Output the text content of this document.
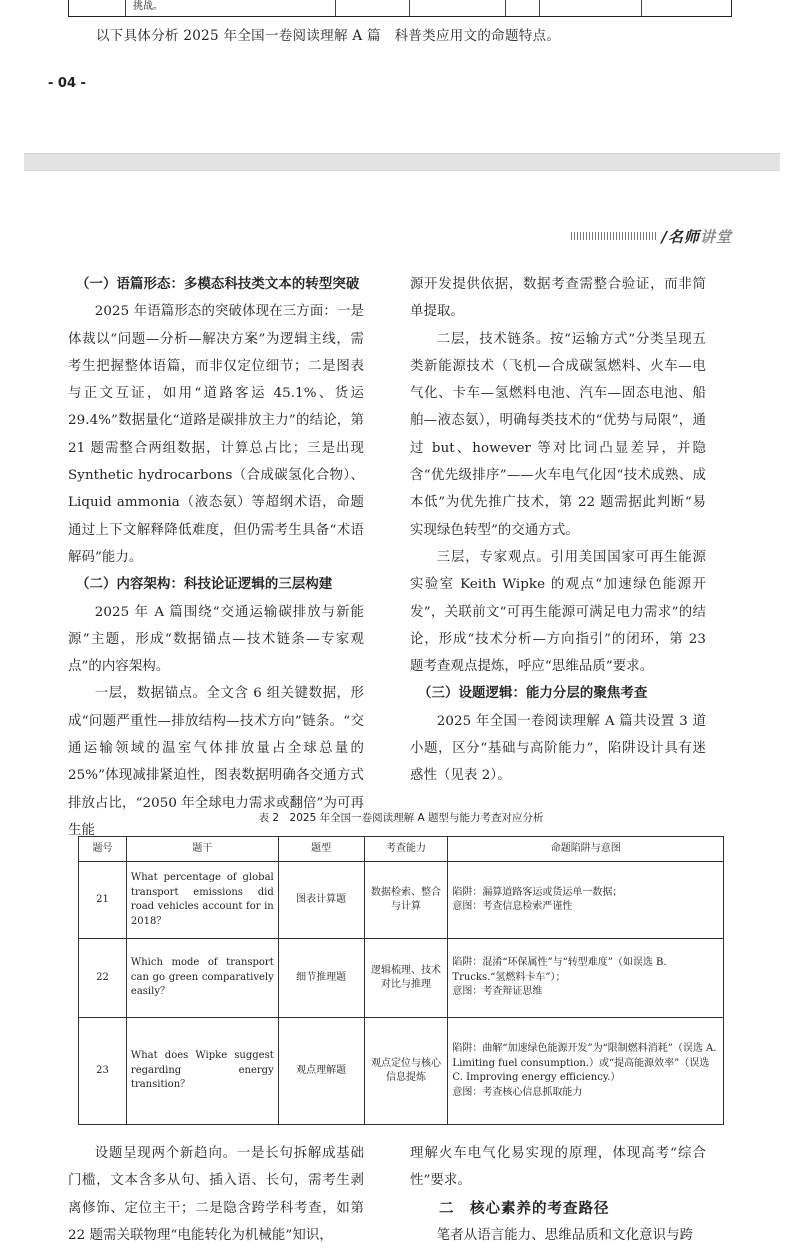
挑战。
以下具体分析 2025 年全国一卷阅读理解 A 篇　科普类应用文的命题特点。
- 04 -
/名师讲堂

（一）语篇形态：多模态科技类文本的转型突破

2025 年语篇形态的突破体现在三方面：一是体裁以“问题—分析—解决方案”为逻辑主线，需考生把握整体语篇，而非仅定位细节；二是图表与正文互证，如用“道路客运 45.1%、货运 29.4%”数据量化“道路是碳排放主力”的结论，第 21 题需整合两组数据，计算总占比；三是出现 Synthetic hydrocarbons（合成碳氢化合物）、Liquid ammonia（液态氨）等超纲术语，命题通过上下文解释降低难度，但仍需考生具备“术语解码”能力。

（二）内容架构：科技论证逻辑的三层构建

2025 年 A 篇围绕“交通运输碳排放与新能源”主题，形成“数据锚点—技术链条—专家观点”的内容架构。

一层，数据锚点。全文含 6 组关键数据，形成“问题严重性—排放结构—技术方向”链条。“交通运输领域的温室气体排放量占全球总量的 25%”体现减排紧迫性，图表数据明确各交通方式排放占比，“2050 年全球电力需求或翻倍”为可再生能

源开发提供依据，数据考查需整合验证，而非简单提取。

二层，技术链条。按“运输方式”分类呈现五类新能源技术（飞机—合成碳氢燃料、火车—电气化、卡车—氢燃料电池、汽车—固态电池、船舶—液态氨），明确每类技术的“优势与局限”，通过 but、however 等对比词凸显差异，并隐含“优先级排序”——火车电气化因“技术成熟、成本低”为优先推广技术，第 22 题需据此判断“易实现绿色转型”的交通方式。

三层，专家观点。引用美国国家可再生能源实验室 Keith Wipke 的观点“加速绿色能源开发”，关联前文“可再生能源可满足电力需求”的结论，形成“技术分析—方向指引”的闭环，第 23 题考查观点提炼，呼应“思维品质”要求。

（三）设题逻辑：能力分层的聚焦考查

2025 年全国一卷阅读理解 A 篇共设置 3 道小题，区分“基础与高阶能力”，陷阱设计具有迷惑性（见表 2）。

表 2　2025 年全国一卷阅读理解 A 题型与能力考查对应分析
题号	题干	题型	考查能力	命题陷阱与意图
21	What percentage of global transport emissions did road vehicles account for in 2018？	图表计算题	数据检索、整合与计算	陷阱：漏算道路客运或货运单一数据；
意图：考查信息检索严谨性

22	Which mode of transport can go green comparatively easily？	细节推理题	逻辑梳理、技术对比与推理	陷阱：混淆“环保属性”与“转型难度”（如误选 B. Trucks.“氢燃料卡车”）；
意图：考查辩证思维

23	What does Wipke suggest regarding energy transition？	观点理解题	观点定位与核心信息提炼	陷阱：曲解“加速绿色能源开发”为“限制燃料消耗”（误选 A. Limiting fuel consumption.）或“提高能源效率”（误选 C. Improving energy efficiency.）
意图：考查核心信息抓取能力

设题呈现两个新趋向。一是长句拆解成基础门槛，文本含多从句、插入语、长句，需考生剥离修饰、定位主干；二是隐含跨学科考查，如第 22 题需关联物理“电能转化为机械能”知识，

理解火车电气化易实现的原理，体现高考“综合性”要求。

二　核心素养的考查路径

笔者从语言能力、思维品质和文化意识与跨
